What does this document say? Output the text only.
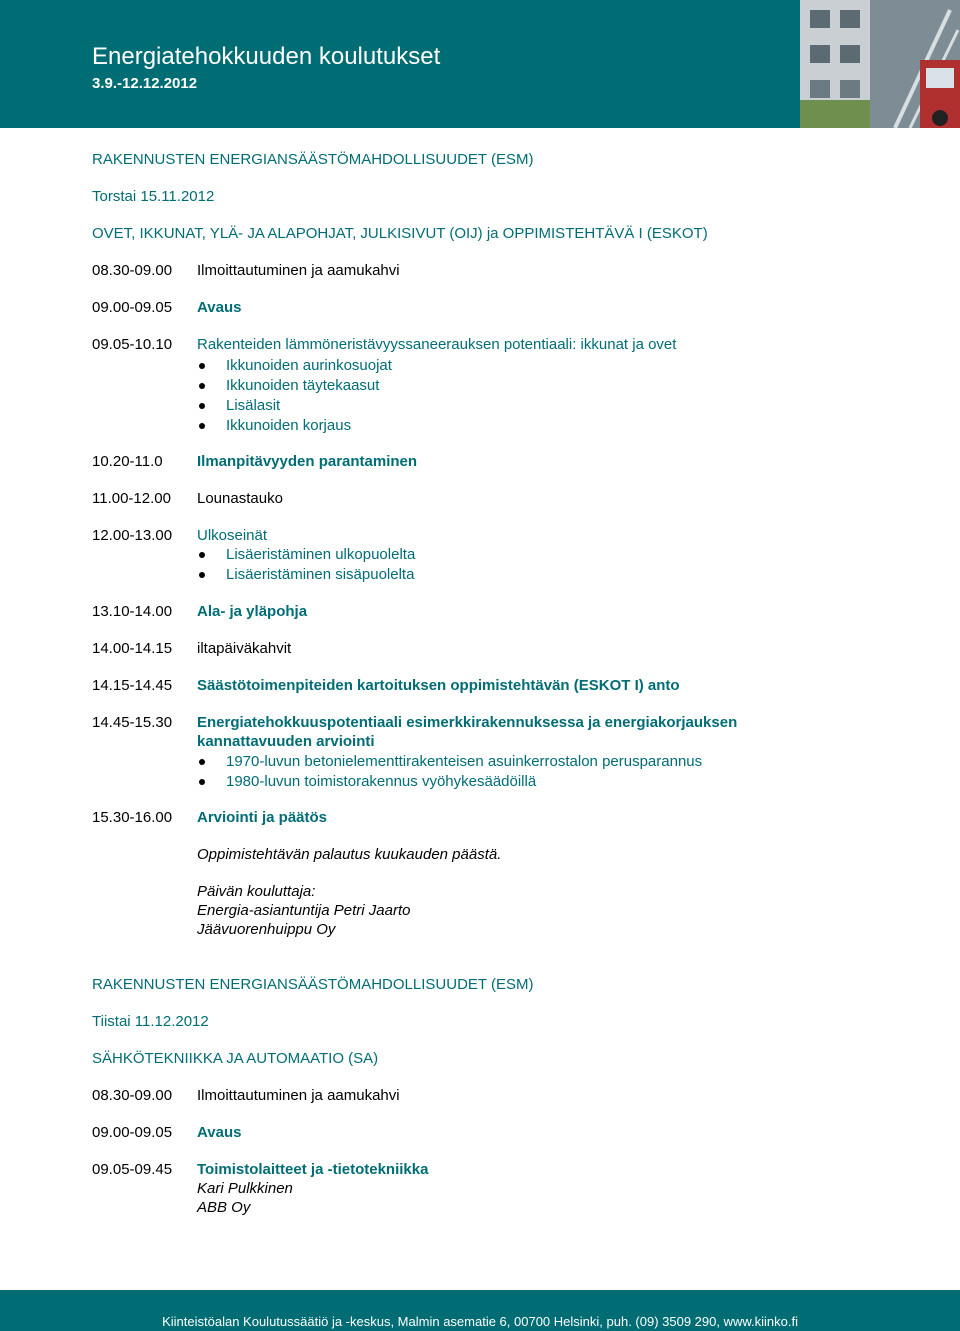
Energiatehokkuuden koulutukset
3.9.-12.12.2012
RAKENNUSTEN ENERGIANSÄÄSTÖMAHDOLLISUUDET (ESM)
Torstai 15.11.2012
OVET, IKKUNAT, YLÄ- JA ALAPOHJAT, JULKISIVUT (OIJ) ja OPPIMISTEHTÄVÄ I (ESKOT)
08.30-09.00 Ilmoittautuminen ja aamukahvi
09.00-09.05 Avaus
09.05-10.10 Rakenteiden lämmöneristävyyssaneerauksen potentiaali: ikkunat ja ovet
Ikkunoiden aurinkosuojat
Ikkunoiden täytekaasut
Lisälasit
Ikkunoiden korjaus
10.20-11.0 Ilmanpitävyyden parantaminen
11.00-12.00 Lounastauko
12.00-13.00 Ulkoseinät
Lisäeristäminen ulkopuolelta
Lisäeristäminen sisäpuolelta
13.10-14.00 Ala- ja yläpohja
14.00-14.15 iltapäiväkahvit
14.15-14.45 Säästötoimenpiteiden kartoituksen oppimistehtävän (ESKOT I) anto
14.45-15.30 Energiatehokkuuspotentiaali esimerkkirakennuksessa ja energiakorjauksen
kannattavuuden arviointi
1970-luvun betonielementtirakenteisen asuinkerrostalon perusparannus
1980-luvun toimistorakennus vyöhykesäädöillä
15.30-16.00 Arviointi ja päätös
Oppimistehtävän palautus kuukauden päästä.
Päivän kouluttaja:
Energia-asiantuntija Petri Jaarto
Jäävuorenhuippu Oy
RAKENNUSTEN ENERGIANSÄÄSTÖMAHDOLLISUUDET (ESM)
Tiistai 11.12.2012
SÄHKÖTEKNIIKKA JA AUTOMAATIO (SA)
08.30-09.00 Ilmoittautuminen ja aamukahvi
09.00-09.05 Avaus
09.05-09.45 Toimistolaitteet ja -tietotekniikka
Kari Pulkkinen
ABB Oy
Kiinteistöalan Koulutussäätiö ja -keskus, Malmin asematie 6, 00700 Helsinki, puh. (09) 3509 290, www.kiinko.fi
